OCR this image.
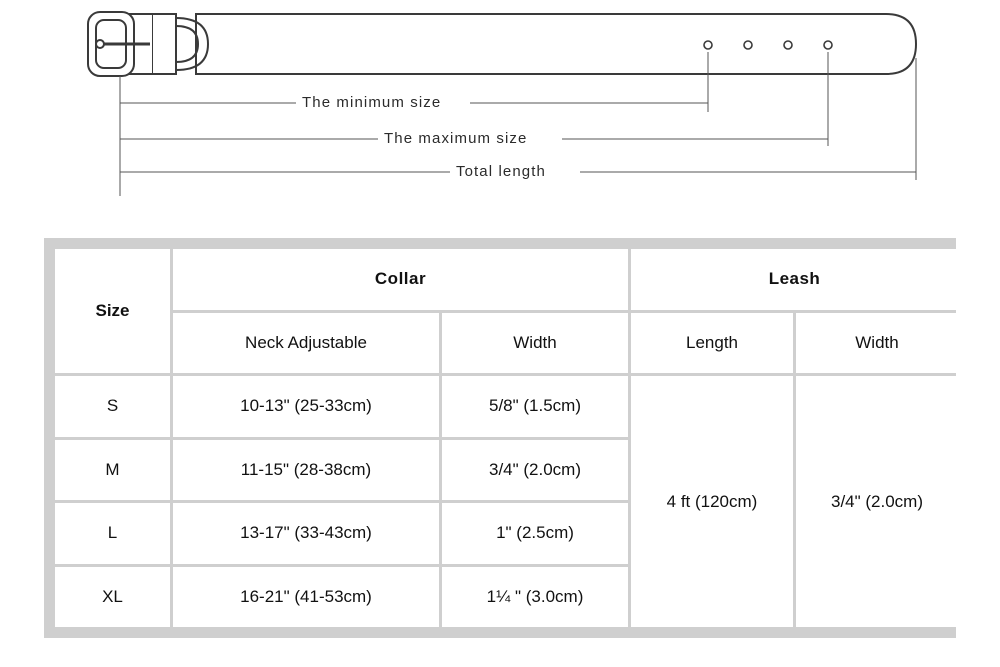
The minimum size
The maximum size
Total length
Size	Collar		Leash	
	Neck Adjustable	Width	Length	Width
S	10-13" (25-33cm)	5/8" (1.5cm)	4 ft (120cm)	3/4" (2.0cm)
M	11-15" (28-38cm)	3/4" (2.0cm)		
L	13-17" (33-43cm)	1" (2.5cm)		
XL	16-21" (41-53cm)	1¼ " (3.0cm)		
